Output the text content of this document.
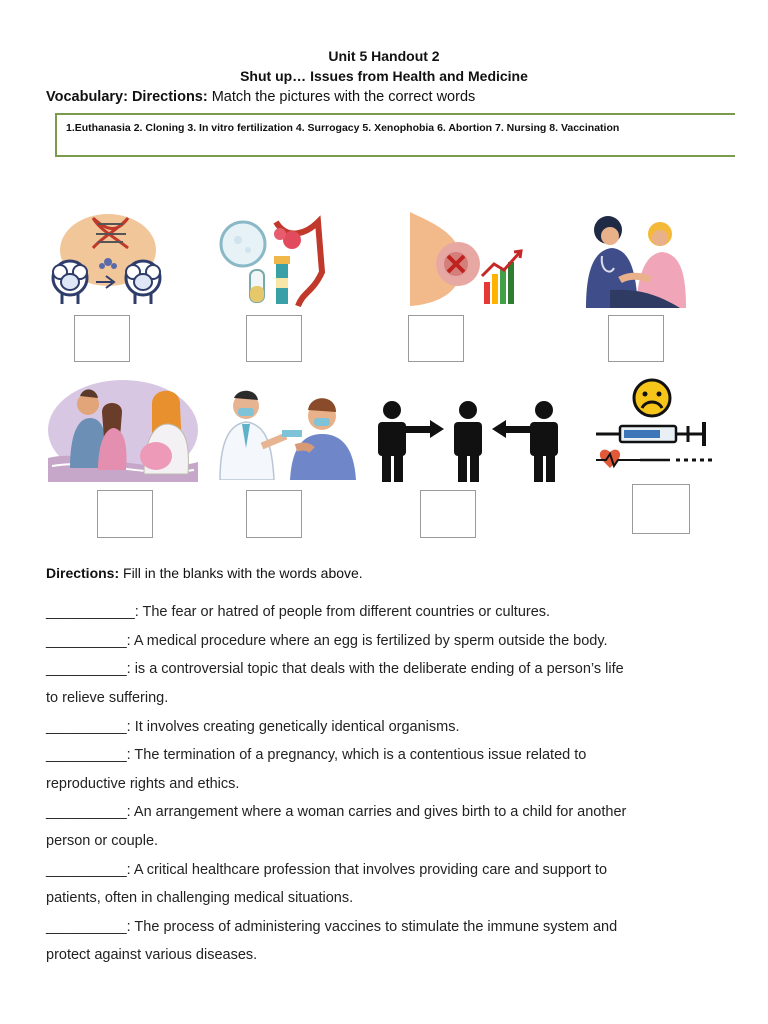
Unit 5 Handout 2
Shut up… Issues from Health and Medicine
Vocabulary: Directions: Match the pictures with the correct words
1.Euthanasia 2. Cloning 3. In vitro fertilization 4. Surrogacy 5. Xenophobia 6. Abortion 7. Nursing 8. Vaccination
Directions: Fill in the blanks with the words above.
___________: The fear or hatred of people from different countries or cultures.
__________: A medical procedure where an egg is fertilized by sperm outside the body.
__________: is a controversial topic that deals with the deliberate ending of a person’s life
to relieve suffering.
__________: It involves creating genetically identical organisms.
__________: The termination of a pregnancy, which is a contentious issue related to
reproductive rights and ethics.
__________: An arrangement where a woman carries and gives birth to a child for another
person or couple.
__________: A critical healthcare profession that involves providing care and support to
patients, often in challenging medical situations.
__________: The process of administering vaccines to stimulate the immune system and
protect against various diseases.
